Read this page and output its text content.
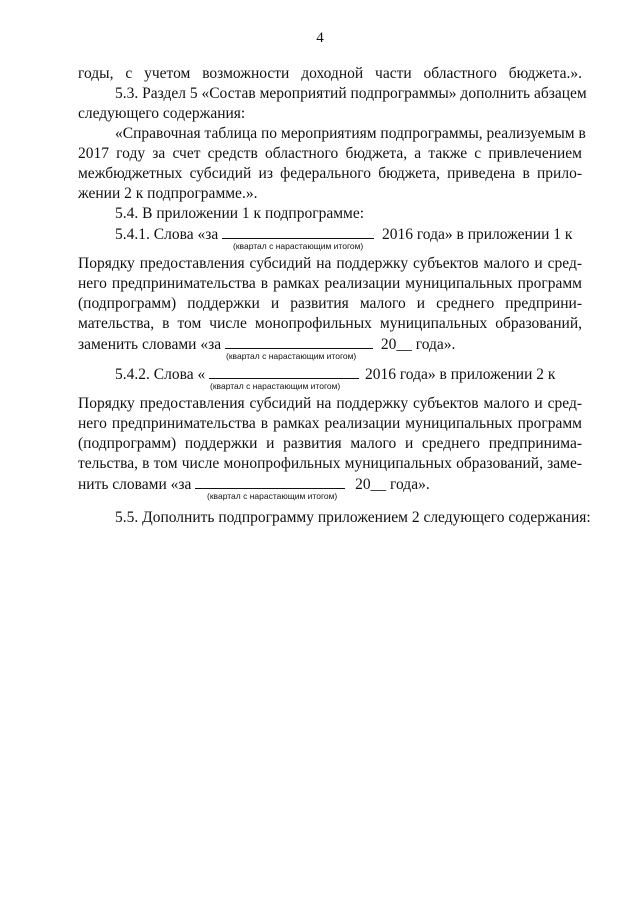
4
годы, с учетом возможности доходной части областного бюджета.».
5.3. Раздел 5 «Состав мероприятий подпрограммы» дополнить абзацем
следующего содержания:
«Справочная таблица по мероприятиям подпрограммы, реализуемым в
2017 году за счет средств областного бюджета, а также с привлечением
межбюджетных субсидий из федерального бюджета, приведена в прило-
жении 2 к подпрограмме.».
5.4. В приложении 1 к подпрограмме:
5.4.1. Слова «за	2016 года» в приложении 1 к
(квартал с нарастающим итогом)
Порядку предоставления субсидий на поддержку субъектов малого и сред-
него предпринимательства в рамках реализации муниципальных программ
(подпрограмм) поддержки и развития малого и среднего предприни-
мательства, в том числе монопрофильных муниципальных образований,
заменить словами «за	20__ года».
(квартал с нарастающим итогом)
5.4.2. Слова «	2016 года» в приложении 2 к
(квартал с нарастающим итогом)
Порядку предоставления субсидий на поддержку субъектов малого и сред-
него предпринимательства в рамках реализации муниципальных программ
(подпрограмм) поддержки и развития малого и среднего предпринима-
тельства, в том числе монопрофильных муниципальных образований, заме-
нить словами «за	20__ года».
(квартал с нарастающим итогом)
5.5. Дополнить подпрограмму приложением 2 следующего содержания:
